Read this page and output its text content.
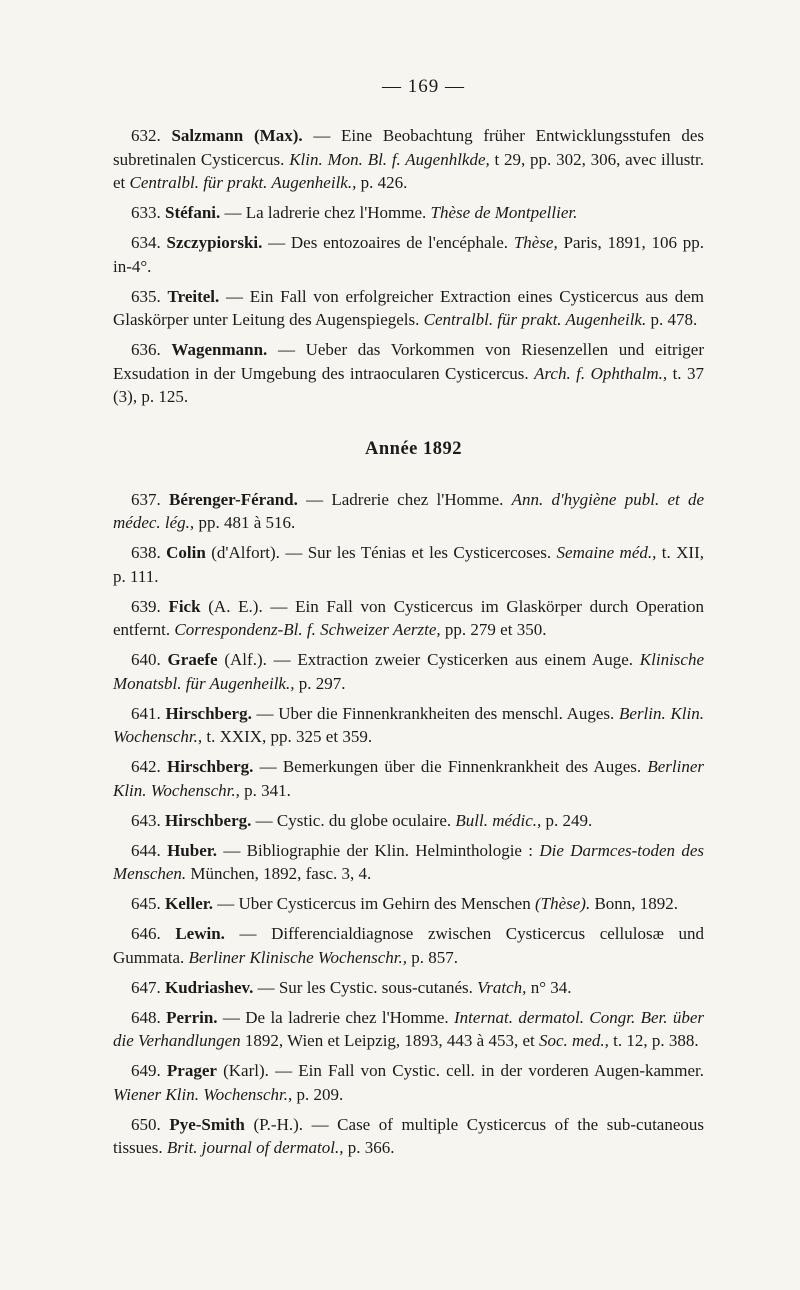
— 169 —

632. Salzmann (Max). — Eine Beobachtung früher Entwicklungsstufen des subretinalen Cysticercus. Klin. Mon. Bl. f. Augenhlkde, t 29, pp. 302, 306, avec illustr. et Centralbl. für prakt. Augenheilk., p. 426.

633. Stéfani. — La ladrerie chez l'Homme. Thèse de Montpellier.

634. Szczypiorski. — Des entozoaires de l'encéphale. Thèse, Paris, 1891, 106 pp. in-4°.

635. Treitel. — Ein Fall von erfolgreicher Extraction eines Cysticercus aus dem Glaskörper unter Leitung des Augenspiegels. Centralbl. für prakt. Augenheilk. p. 478.

636. Wagenmann. — Ueber das Vorkommen von Riesenzellen und eitriger Exsudation in der Umgebung des intraocularen Cysticercus. Arch. f. Ophthalm., t. 37 (3), p. 125.

Année 1892

637. Bérenger-Férand. — Ladrerie chez l'Homme. Ann. d'hygiène publ. et de médec. lég., pp. 481 à 516.

638. Colin (d'Alfort). — Sur les Ténias et les Cysticercoses. Semaine méd., t. XII, p. 111.

639. Fick (A. E.). — Ein Fall von Cysticercus im Glaskörper durch Operation entfernt. Correspondenz-Bl. f. Schweizer Aerzte, pp. 279 et 350.

640. Graefe (Alf.). — Extraction zweier Cysticerken aus einem Auge. Klinische Monatsbl. für Augenheilk., p. 297.

641. Hirschberg. — Uber die Finnenkrankheiten des menschl. Auges. Berlin. Klin. Wochenschr., t. XXIX, pp. 325 et 359.

642. Hirschberg. — Bemerkungen über die Finnenkrankheit des Auges. Berliner Klin. Wochenschr., p. 341.

643. Hirschberg. — Cystic. du globe oculaire. Bull. médic., p. 249.

644. Huber. — Bibliographie der Klin. Helminthologie : Die Darmces-toden des Menschen. München, 1892, fasc. 3, 4.

645. Keller. — Uber Cysticercus im Gehirn des Menschen (Thèse). Bonn, 1892.

646. Lewin. — Differencialdiagnose zwischen Cysticercus cellulosæ und Gummata. Berliner Klinische Wochenschr., p. 857.

647. Kudriashev. — Sur les Cystic. sous-cutanés. Vratch, n° 34.

648. Perrin. — De la ladrerie chez l'Homme. Internat. dermatol. Congr. Ber. über die Verhandlungen 1892, Wien et Leipzig, 1893, 443 à 453, et Soc. med., t. 12, p. 388.

649. Prager (Karl). — Ein Fall von Cystic. cell. in der vorderen Augen-kammer. Wiener Klin. Wochenschr., p. 209.

650. Pye-Smith (P.-H.). — Case of multiple Cysticercus of the sub-cutaneous tissues. Brit. journal of dermatol., p. 366.
